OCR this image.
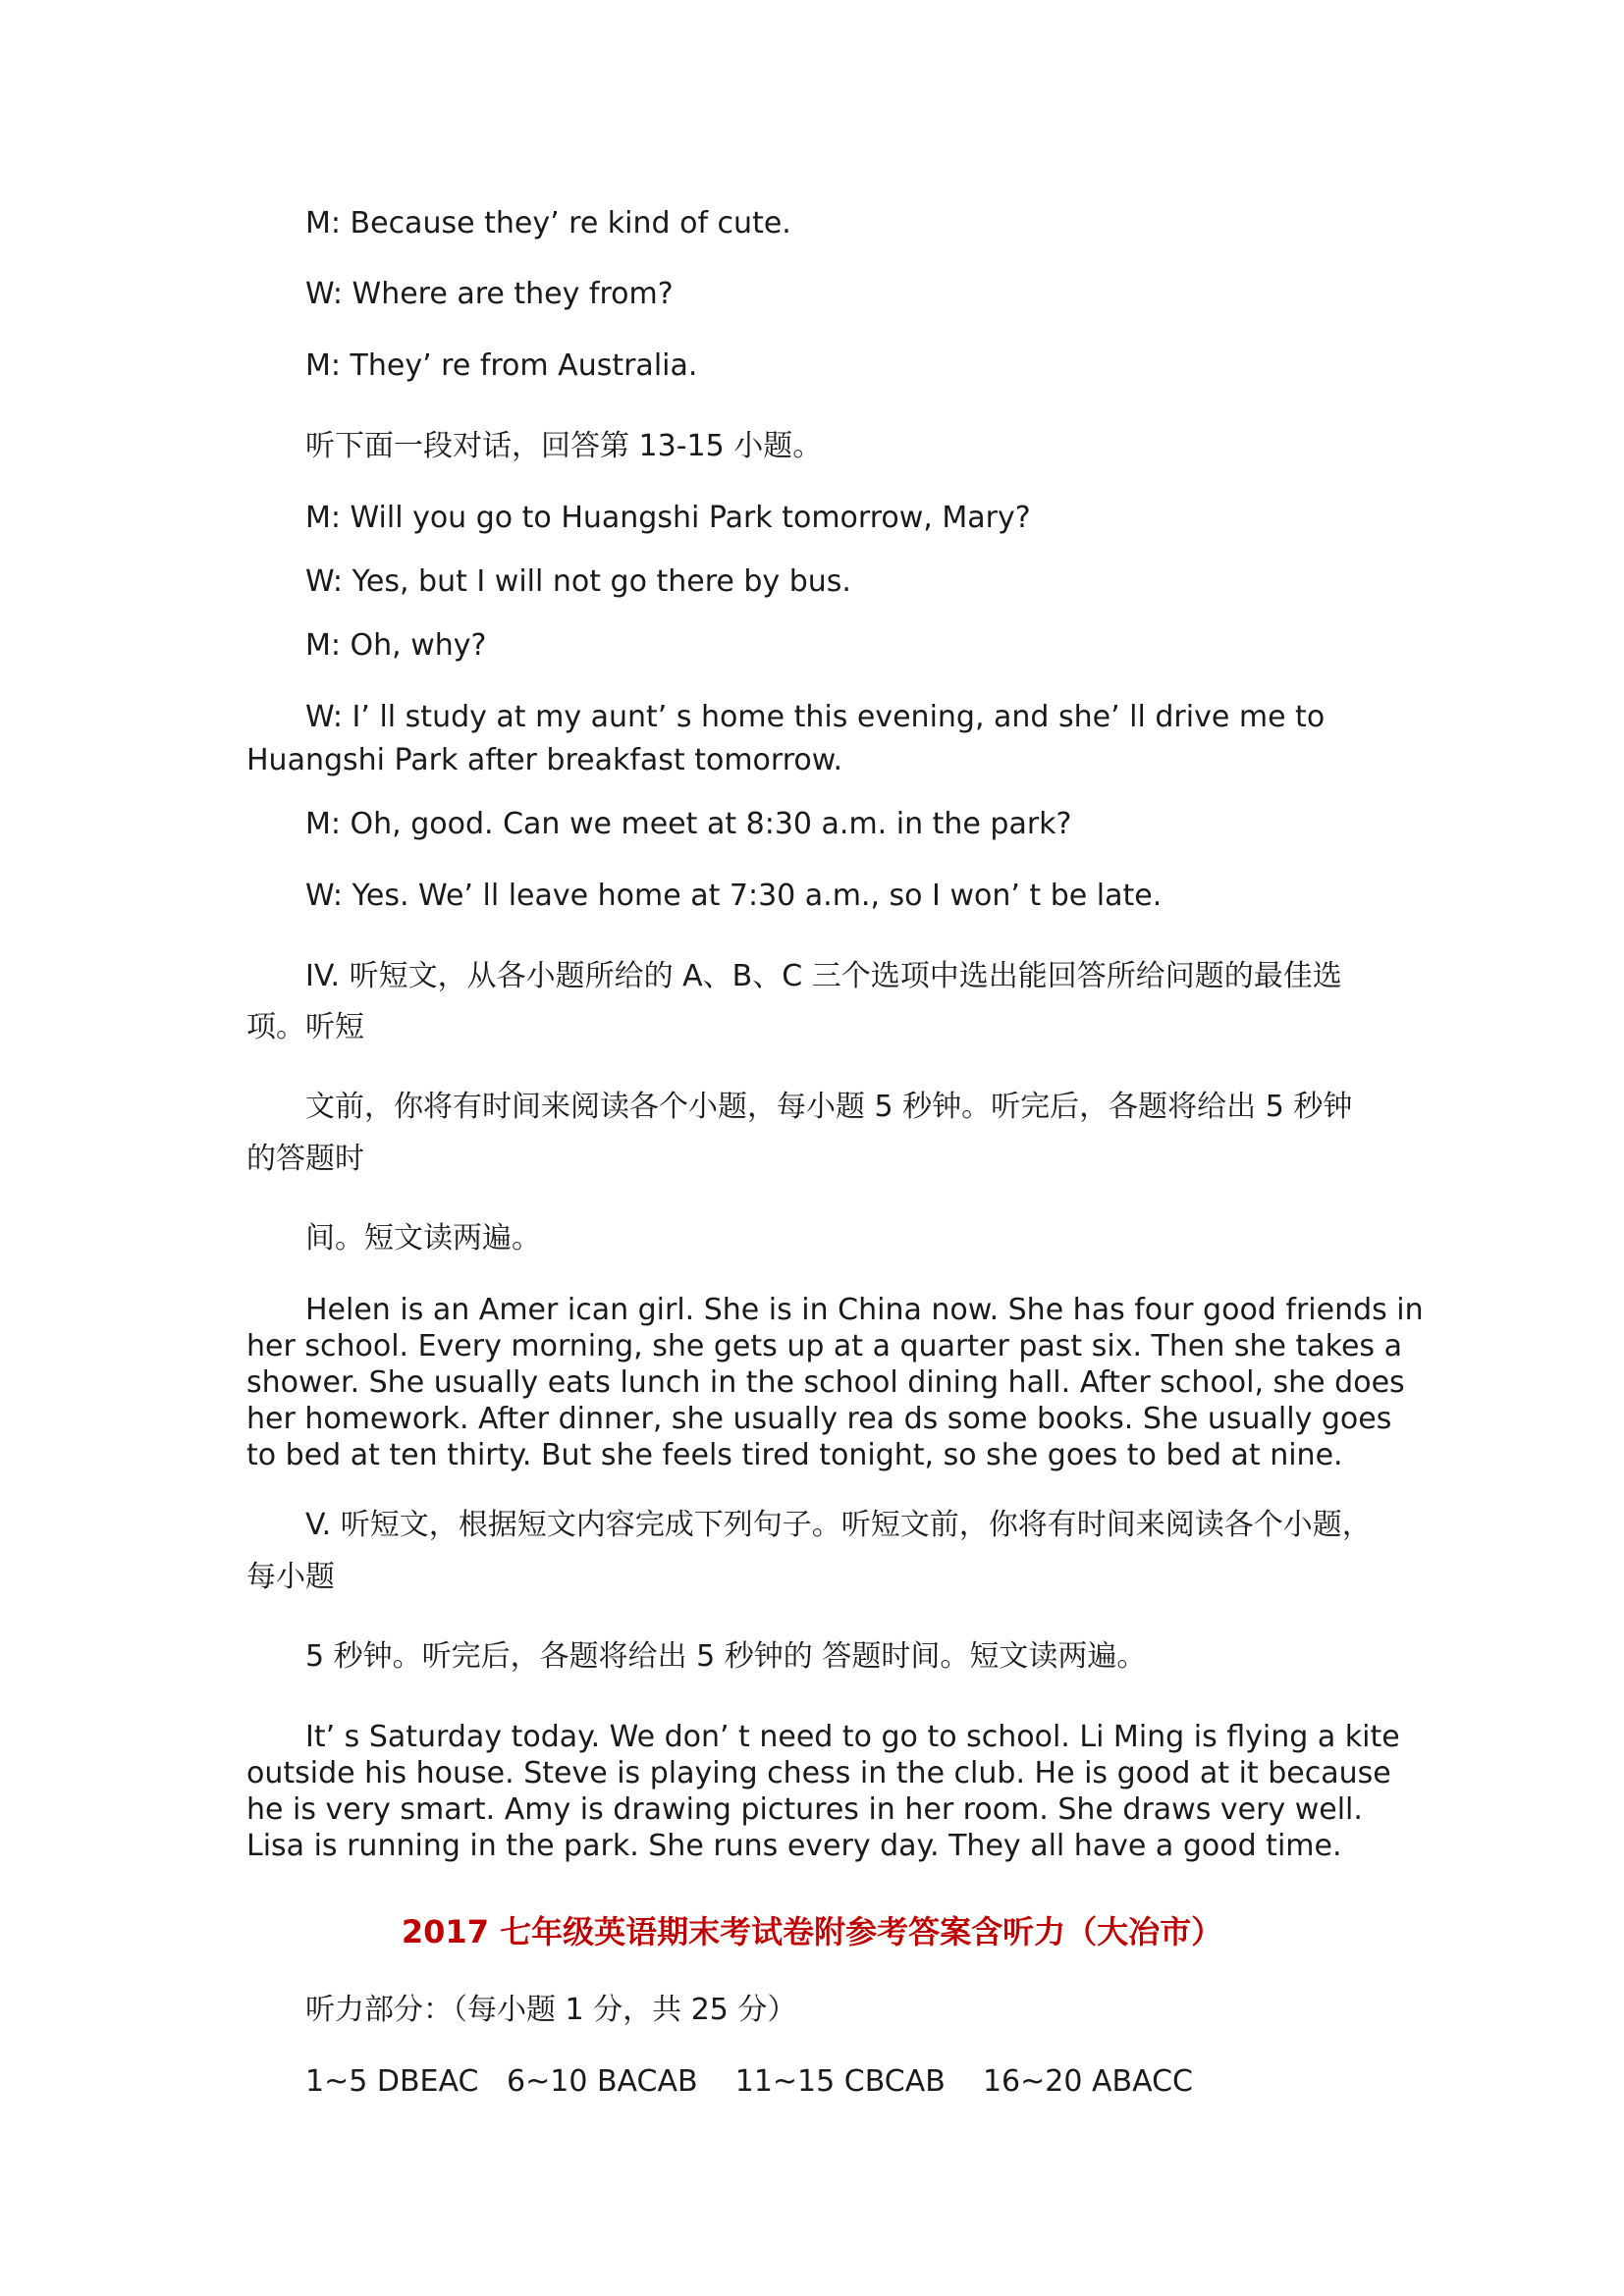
M: Because they’ re kind of cute.

W: Where are they from?

M: They’ re from Australia.

听下面一段对话，回答第 13-15 小题。

M: Will you go to Huangshi Park tomorrow, Mary?

W: Yes, but I will not go there by bus.

M: Oh, why?

W: I’ ll study at my aunt’ s home this evening, and she’ ll drive me to

Huangshi Park after breakfast tomorrow.

M: Oh, good. Can we meet at 8:30 a.m. in the park?

W: Yes. We’ ll leave home at 7:30 a.m., so I won’ t be late.

IV. 听短文，从各小题所给的 A、B、C 三个选项中选出能回答所给问题的最佳选

项。听短

文前，你将有时间来阅读各个小题，每小题 5 秒钟。听完后，各题将给出 5 秒钟

的答题时

间。短文读两遍。

Helen is an Amer ican girl. She is in China now. She has four good friends in her school. Every morning, she gets up at a quarter past six. Then she takes a shower. She usually eats lunch in the school dining hall. After school, she does her homework. After dinner, she usually rea ds some books. She usually goes to bed at ten thirty. But she feels tired tonight, so she goes to bed at nine.

V. 听短文，根据短文内容完成下列句子。听短文前，你将有时间来阅读各个小题，

每小题

5 秒钟。听完后，各题将给出 5 秒钟的 答题时间。短文读两遍。

It’ s Saturday today. We don’ t need to go to school. Li Ming is flying a kite outside his house. Steve is playing chess in the club. He is good at it because he is very smart. Amy is drawing pictures in her room. She draws very well. Lisa is running in the park. She runs every day. They all have a good time.

2017 七年级英语期末考试卷附参考答案含听力（大冶市）

听力部分：（每小题 1 分，共 25 分）

1~5 DBEAC   6~10 BACAB    11~15 CBCAB    16~20 ABACC
